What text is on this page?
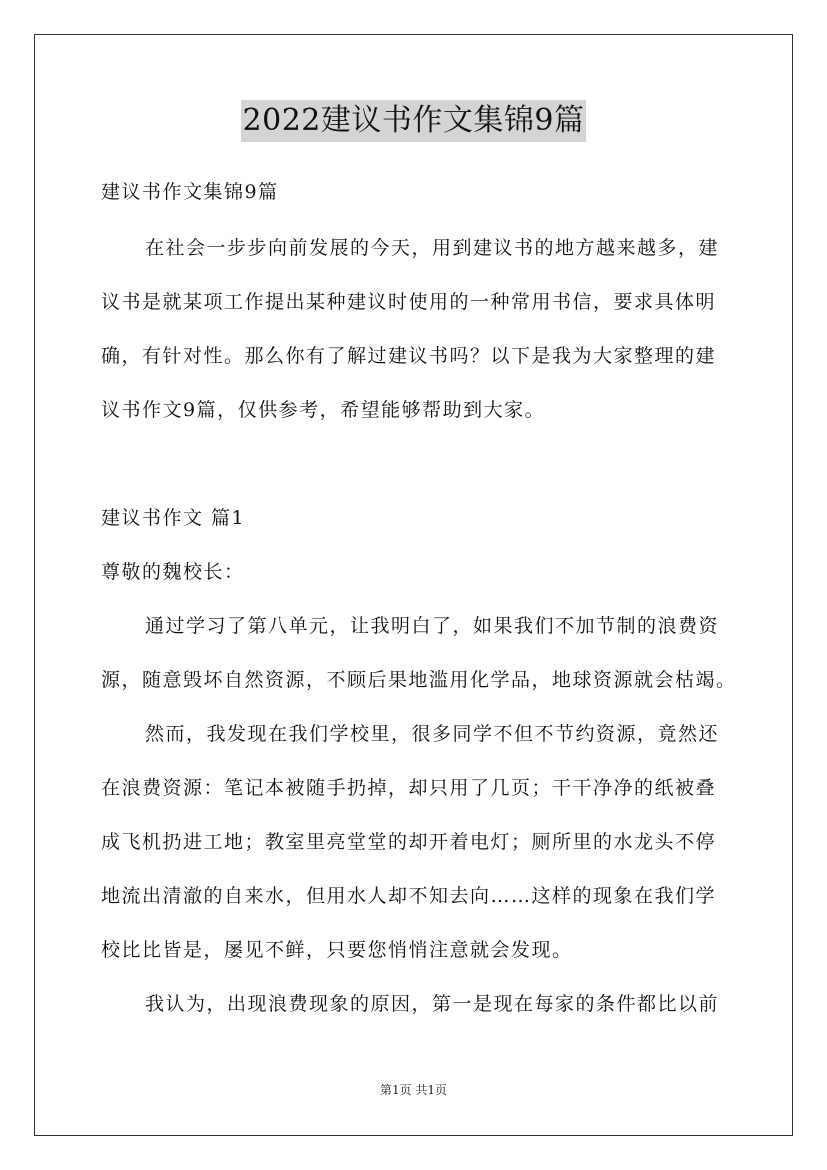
2022建议书作文集锦9篇
建议书作文集锦9篇
在社会一步步向前发展的今天，用到建议书的地方越来越多，建
议书是就某项工作提出某种建议时使用的一种常用书信，要求具体明
确，有针对性。那么你有了解过建议书吗？以下是我为大家整理的建
议书作文9篇，仅供参考，希望能够帮助到大家。
建议书作文 篇1
尊敬的魏校长：
通过学习了第八单元，让我明白了，如果我们不加节制的浪费资
源，随意毁坏自然资源，不顾后果地滥用化学品，地球资源就会枯竭。
然而，我发现在我们学校里，很多同学不但不节约资源，竟然还
在浪费资源：笔记本被随手扔掉，却只用了几页；干干净净的纸被叠
成飞机扔进工地；教室里亮堂堂的却开着电灯；厕所里的水龙头不停
地流出清澈的自来水，但用水人却不知去向……这样的现象在我们学
校比比皆是，屡见不鲜，只要您悄悄注意就会发现。
我认为，出现浪费现象的原因，第一是现在每家的条件都比以前
第1页 共1页
